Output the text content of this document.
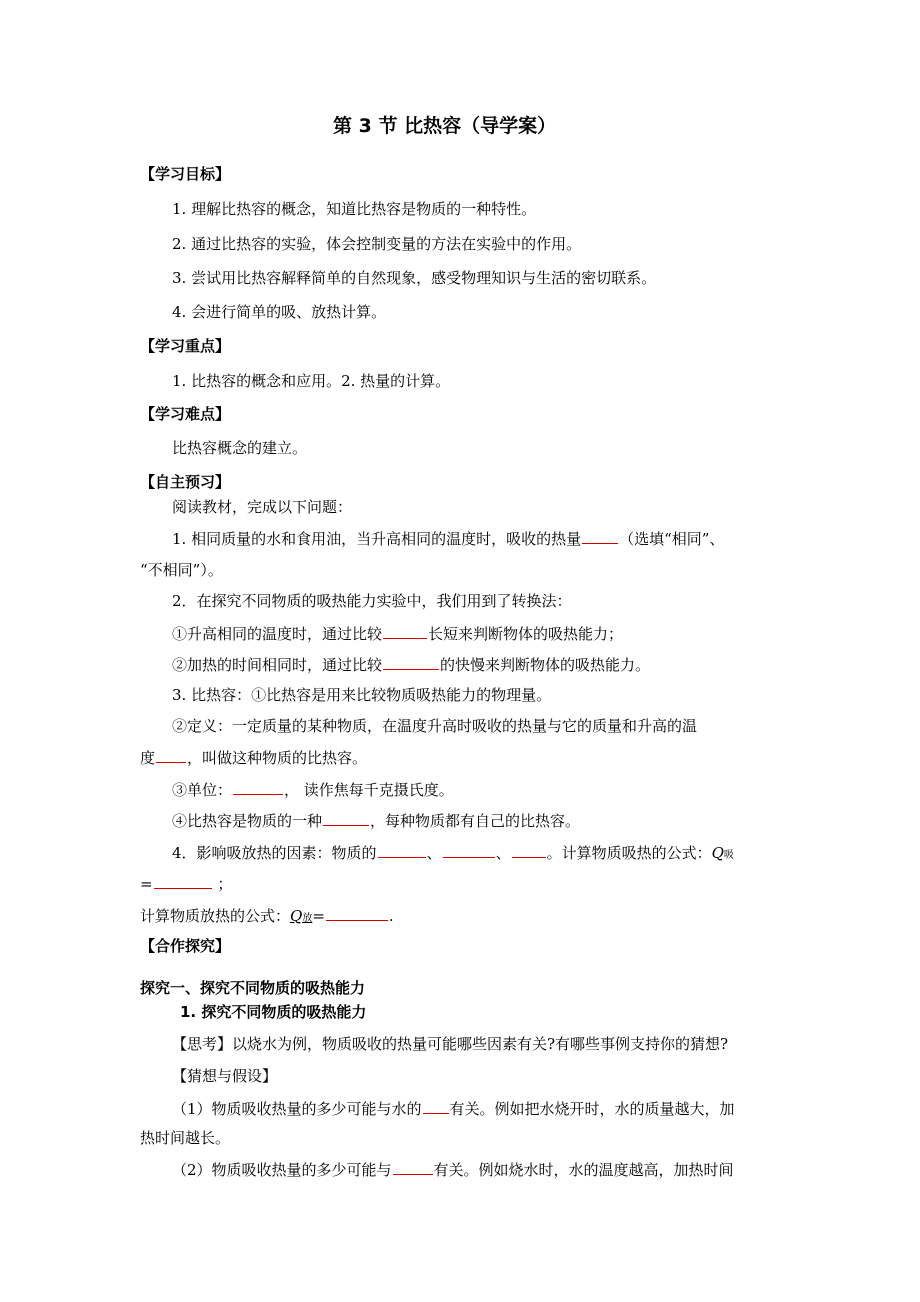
第 3 节 比热容（导学案）
【学习目标】
1. 理解比热容的概念，知道比热容是物质的一种特性。
2. 通过比热容的实验，体会控制变量的方法在实验中的作用。
3. 尝试用比热容解释简单的自然现象，感受物理知识与生活的密切联系。
4. 会进行简单的吸、放热计算。
【学习重点】
1. 比热容的概念和应用。2. 热量的计算。
【学习难点】
比热容概念的建立。
【自主预习】
阅读教材，完成以下问题：
1. 相同质量的水和食用油，当升高相同的温度时，吸收的热量	（选填“相同”、
“不相同”）。
2．在探究不同物质的吸热能力实验中，我们用到了转换法：
①升高相同的温度时，通过比较	长短来判断物体的吸热能力；
②加热的时间相同时，通过比较	的快慢来判断物体的吸热能力。
3. 比热容：①比热容是用来比较物质吸热能力的物理量。
②定义：一定质量的某种物质，在温度升高时吸收的热量与它的质量和升高的温
度 ，叫做这种物质的比热容。
③单位：	， 读作焦每千克摄氏度。
④比热容是物质的一种	，每种物质都有自己的比热容。
4．影响吸放热的因素：物质的	、	、 。计算物质吸热的公式：Q吸
=	；
计算物质放热的公式：Q放=	.
【合作探究】
探究一、探究不同物质的吸热能力
1. 探究不同物质的吸热能力
【思考】以烧水为例，物质吸收的热量可能哪些因素有关?有哪些事例支持你的猜想?
【猜想与假设】
（1）物质吸收热量的多少可能与水的 有关。例如把水烧开时，水的质量越大，加
热时间越长。
（2）物质吸收热量的多少可能与	有关。例如烧水时，水的温度越高，加热时间
